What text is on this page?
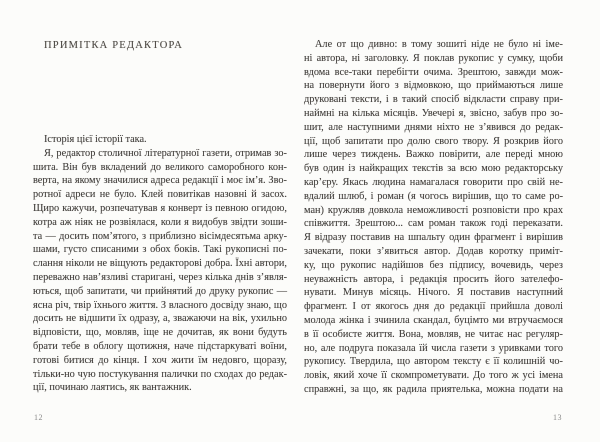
ПРИМІТКА РЕДАКТОРА
Історія цієї історії така.
Я, редактор столичної літературної газети, отримав зо-
шита. Він був вкладений до великого саморобного кон-
верта, на якому значилися адреса редакції і моє ім’я. Зво-
ротної адреси не було. Клей повитікав назовні й засох.
Щиро кажучи, розпечатував я конверт із певною огидою,
котра аж ніяк не розвіялася, коли я видобув звідти зоши-
та — досить пом’ятого, з приблизно вісімдесятьма арку-
шами, густо списаними з обох боків. Такі рукописні по-
слання ніколи не віщують редакторові добра. Їхні автори,
переважно нав’язливі старигані, через кілька днів з’явля-
ються, щоб запитати, чи прийнятий до друку рукопис —
ясна річ, твір їхнього життя. З власного досвіду знаю, що
досить не відшити їх одразу, а, зважаючи на вік, ухильно
відповісти, що, мовляв, іще не дочитав, як вони будуть
брати тебе в облогу щотижня, наче підстаркуваті воїни,
готові битися до кінця. І хоч жити їм недовго, щоразу,
тільки-но чую постукування палички по сходах до редак-
ції, починаю лаятись, як вантажник.
12
Але от що дивно: в тому зошиті ніде не було ні іме-
ні автора, ні заголовку. Я поклав рукопис у сумку, щоби
вдома все-таки перебігти очима. Зрештою, завжди мож-
на повернути його з відмовкою, що приймаються лише
друковані тексти, і в такий спосіб відкласти справу при-
наймні на кілька місяців. Увечері я, звісно, забув про зо-
шит, але наступними днями ніхто не з’явився до редак-
ції, щоб запитати про долю свого твору. Я розкрив його
лише через тиждень. Важко повірити, але переді мною
був один із найкращих текстів за всю мою редакторську
кар’єру. Якась людина намагалася говорити про свій не-
вдалий шлюб, і роман (я чогось вирішив, що то саме ро-
ман) кружляв довкола неможливості розповісти про крах
співжиття. Зрештою... сам роман також годі переказати.
Я відразу поставив на шпальту один фрагмент і вирішив
зачекати, поки з’явиться автор. Додав коротку приміт-
ку, що рукопис надійшов без підпису, вочевидь, через
неуважність автора, і редакція просить його зателефо-
нувати. Минув місяць. Нічого. Я поставив наступний
фрагмент. І от якогось дня до редакції прийшла доволі
молода жінка і зчинила скандал, буцімто ми втручаємося
в її особисте життя. Вона, мовляв, не читає нас регуляр-
но, але подруга показала їй числа газети з уривками того
рукопису. Твердила, що автором тексту є її колишній чо-
ловік, який хоче її скомпрометувати. До того ж усі імена
справжні, за що, як радила приятелька, можна подати на
13
